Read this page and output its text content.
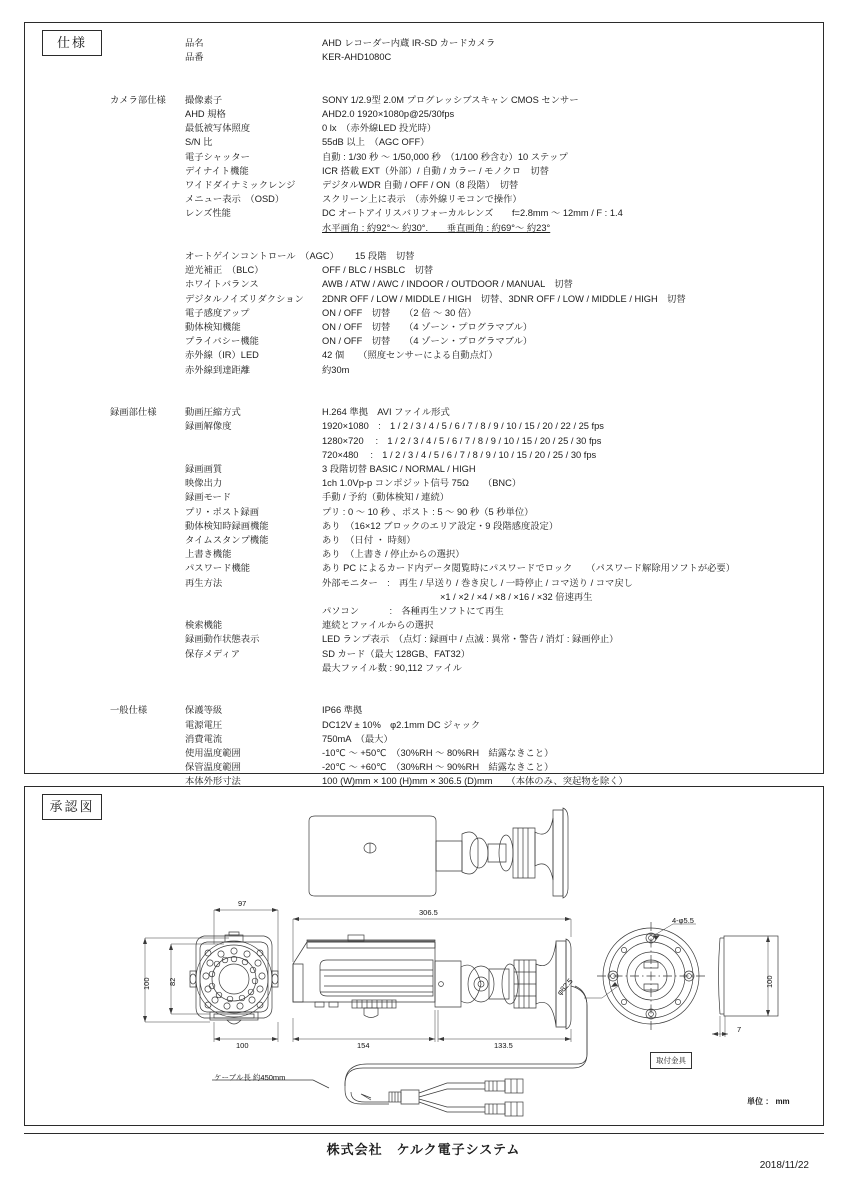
仕様	品名	AHD レコーダー内蔵 IR-SD カードカメラ
品番	KER-AHD1080C
カメラ部仕様	撮像素子	SONY 1/2.9型 2.0M プログレッシブスキャン CMOS センサー
AHD 規格	AHD2.0 1920×1080p@25/30fps
最低被写体照度	0 lx　（赤外線LED 投光時）
S/N 比	55dB 以上　（AGC OFF）
電子シャッター	自動 : 1/30 秒 ～ 1/50,000 秒　（1/100 秒含む）10 ステップ
デイナイト機能	ICR 搭載 EXT（外部）/ 自動 / カラー / モノクロ　切替
ワイドダイナミックレンジ	デジタルWDR 自動 / OFF / ON（8 段階）　切替
メニュー表示　（OSD）	スクリーン上に表示　（赤外線リモコンで操作）
レンズ性能	DC オートアイリスバリフォーカルレンズ　　f=2.8mm ～ 12mm / F : 1.4
水平画角 : 約92°～ 約30°.　　垂直画角 : 約69°～ 約23°
オートゲインコントロール　（AGC）	15 段階　切替
逆光補正　（BLC）	OFF / BLC / HSBLC　切替
ホワイトバランス	AWB / ATW / AWC / INDOOR / OUTDOOR / MANUAL　切替
デジタルノイズリダクション	2DNR OFF / LOW / MIDDLE / HIGH　切替、3DNR OFF / LOW / MIDDLE / HIGH　切替
電子感度アップ	ON / OFF　切替　　（2 倍 ～ 30 倍）
動体検知機能	ON / OFF　切替　　（4 ゾーン・プログラマブル）
プライバシー機能	ON / OFF　切替　　（4 ゾーン・プログラマブル）
赤外線（IR）LED	42 個　　（照度センサーによる自動点灯）
赤外線到達距離	約30m
録画部仕様	動画圧縮方式	H.264 準拠　AVI ファイル形式
録画解像度	1920×1080　:　1 / 2 / 3 / 4 / 5 / 6 / 7 / 8 / 9 / 10 / 15 / 20 / 22 / 25 fps
1280×720　 :　1 / 2 / 3 / 4 / 5 / 6 / 7 / 8 / 9 / 10 / 15 / 20 / 25 / 30 fps
720×480　 :　1 / 2 / 3 / 4 / 5 / 6 / 7 / 8 / 9 / 10 / 15 / 20 / 25 / 30 fps
録画画質	3 段階切替 BASIC / NORMAL / HIGH
映像出力	1ch 1.0Vp-p コンポジット信号 75Ω　　（BNC）
録画モード	手動 / 予約（動体検知 / 連続）
プリ・ポスト録画	プリ : 0 ～ 10 秒 、ポスト : 5 ～ 90 秒（5 秒単位）
動体検知時録画機能	あり　（16×12 ブロックのエリア設定・9 段階感度設定）
タイムスタンプ機能	あり　（日付 ・ 時刻）
上書き機能	あり　（上書き / 停止からの選択）
パスワード機能	あり PC によるカード内データ閲覧時にパスワードでロック　　（パスワード解除用ソフトが必要）
再生方法	外部モニター　:　再生 / 早送り / 巻き戻し / 一時停止 / コマ送り / コマ戻し
×1 / ×2 / ×4 / ×8 / ×16 / ×32 倍速再生
パソコン　　　 :　各種再生ソフトにて再生
検索機能	連続とファイルからの選択
録画動作状態表示	LED ランプ表示　（点灯 : 録画中 / 点滅 : 異常・警告 / 消灯 : 録画停止）
保存メディア	SD カード（最大 128GB、FAT32）
最大ファイル数 : 90,112 ファイル
一般仕様	保護等級	IP66 準拠
電源電圧	DC12V ± 10%　φ2.1mm DC ジャック
消費電流	750mA　（最大）
使用温度範囲	-10℃ ～ +50℃　（30%RH ～ 80%RH　結露なきこと）
保管温度範囲	-20℃ ～ +60℃　（30%RH ～ 90%RH　結露なきこと）
本体外形寸法	100 (W)mm × 100 (H)mm × 306.5 (D)mm　　（本体のみ、突起物を除く）
承認図
97
100
100 82
306.5
154	133.5
4-φ5.5
φ82.5	100
7
ケーブル長 約450mm
取付金具
単位 ： mm
株式会社　ケルク電子システム
2018/11/22
